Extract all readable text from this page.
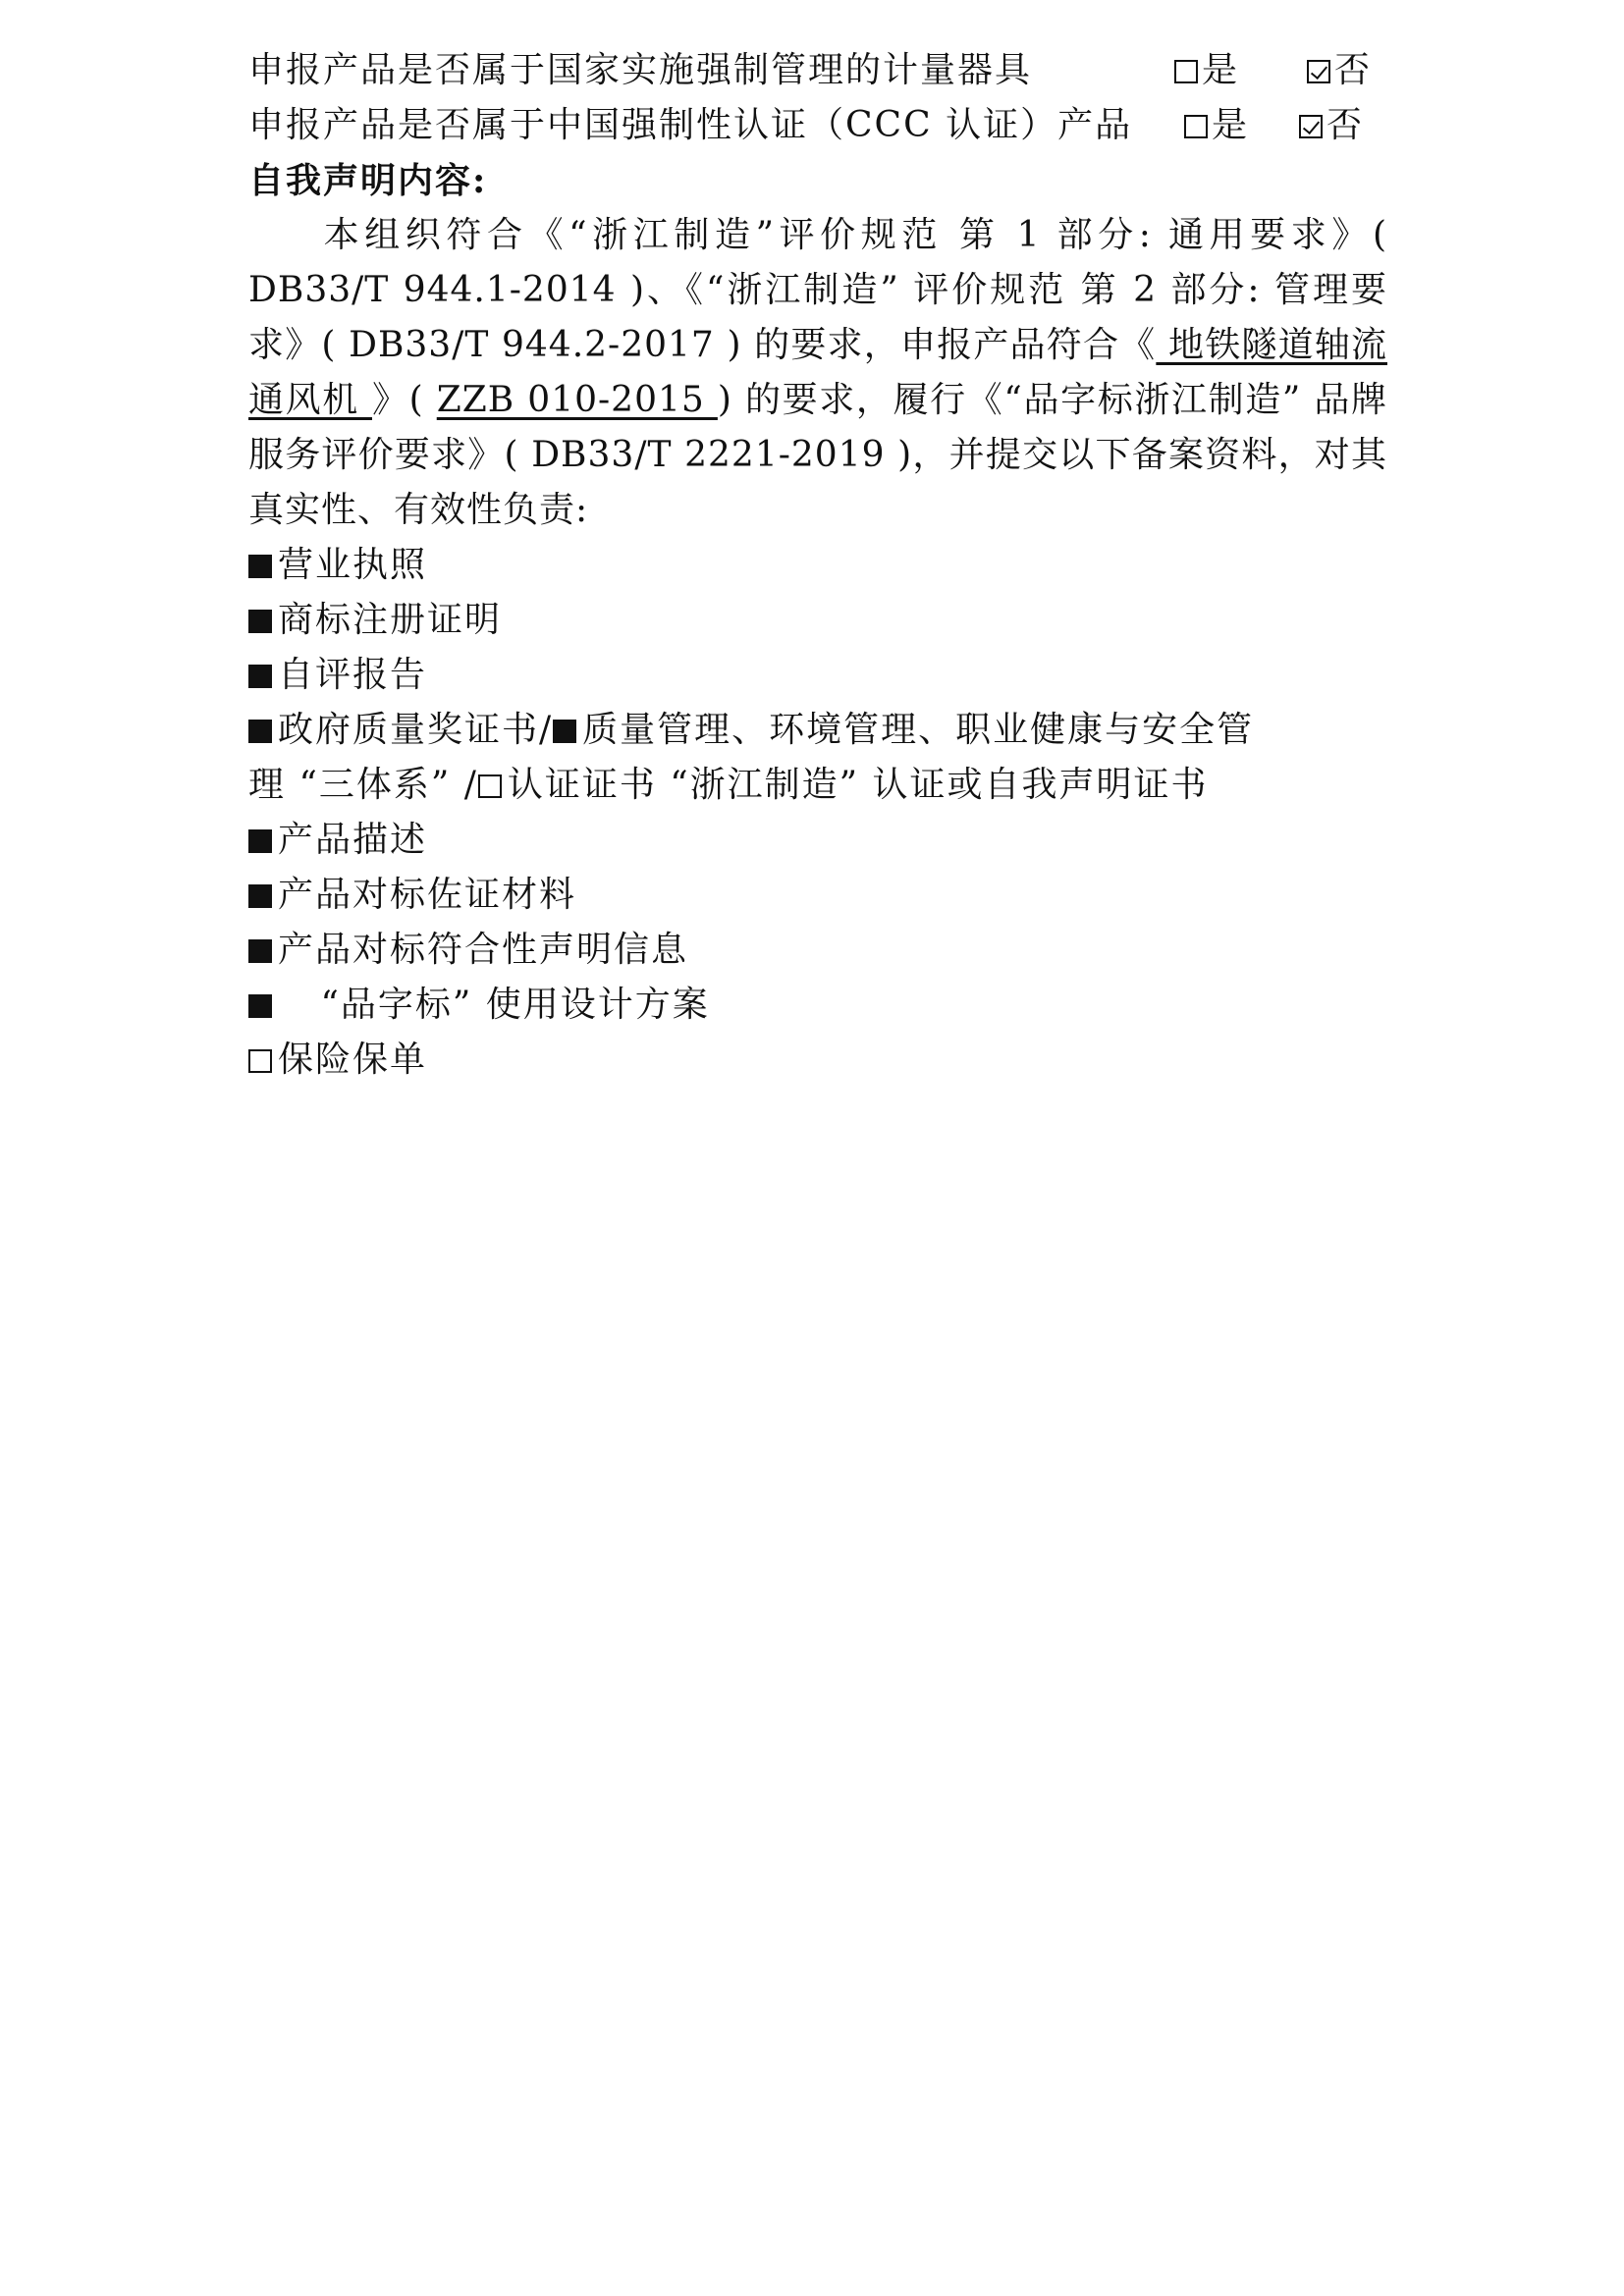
申报产品是否属于国家实施强制管理的计量器具	是	否
申报产品是否属于中国强制性认证（CCC 认证）产品	是	否
自我声明内容:
本组织符合《“浙江制造”评价规范 第 1 部分: 通用要求》( DB33/T 944.1-2014 )、《“浙江制造” 评价规范 第 2 部分: 管理要求》( DB33/T 944.2-2017 ) 的要求，申报产品符合《 地铁隧道轴流通风机 》( ZZB 010-2015 ) 的要求，履行《“品字标浙江制造” 品牌服务评价要求》( DB33/T 2221-2019 )，并提交以下备案资料，对其真实性、有效性负责:
营业执照
商标注册证明
自评报告
政府质量奖证书/ 质量管理、环境管理、职业健康与安全管
理 “三体系” / 认证证书 “浙江制造” 认证或自我声明证书
产品描述
产品对标佐证材料
产品对标符合性声明信息
“品字标” 使用设计方案
保险保单
